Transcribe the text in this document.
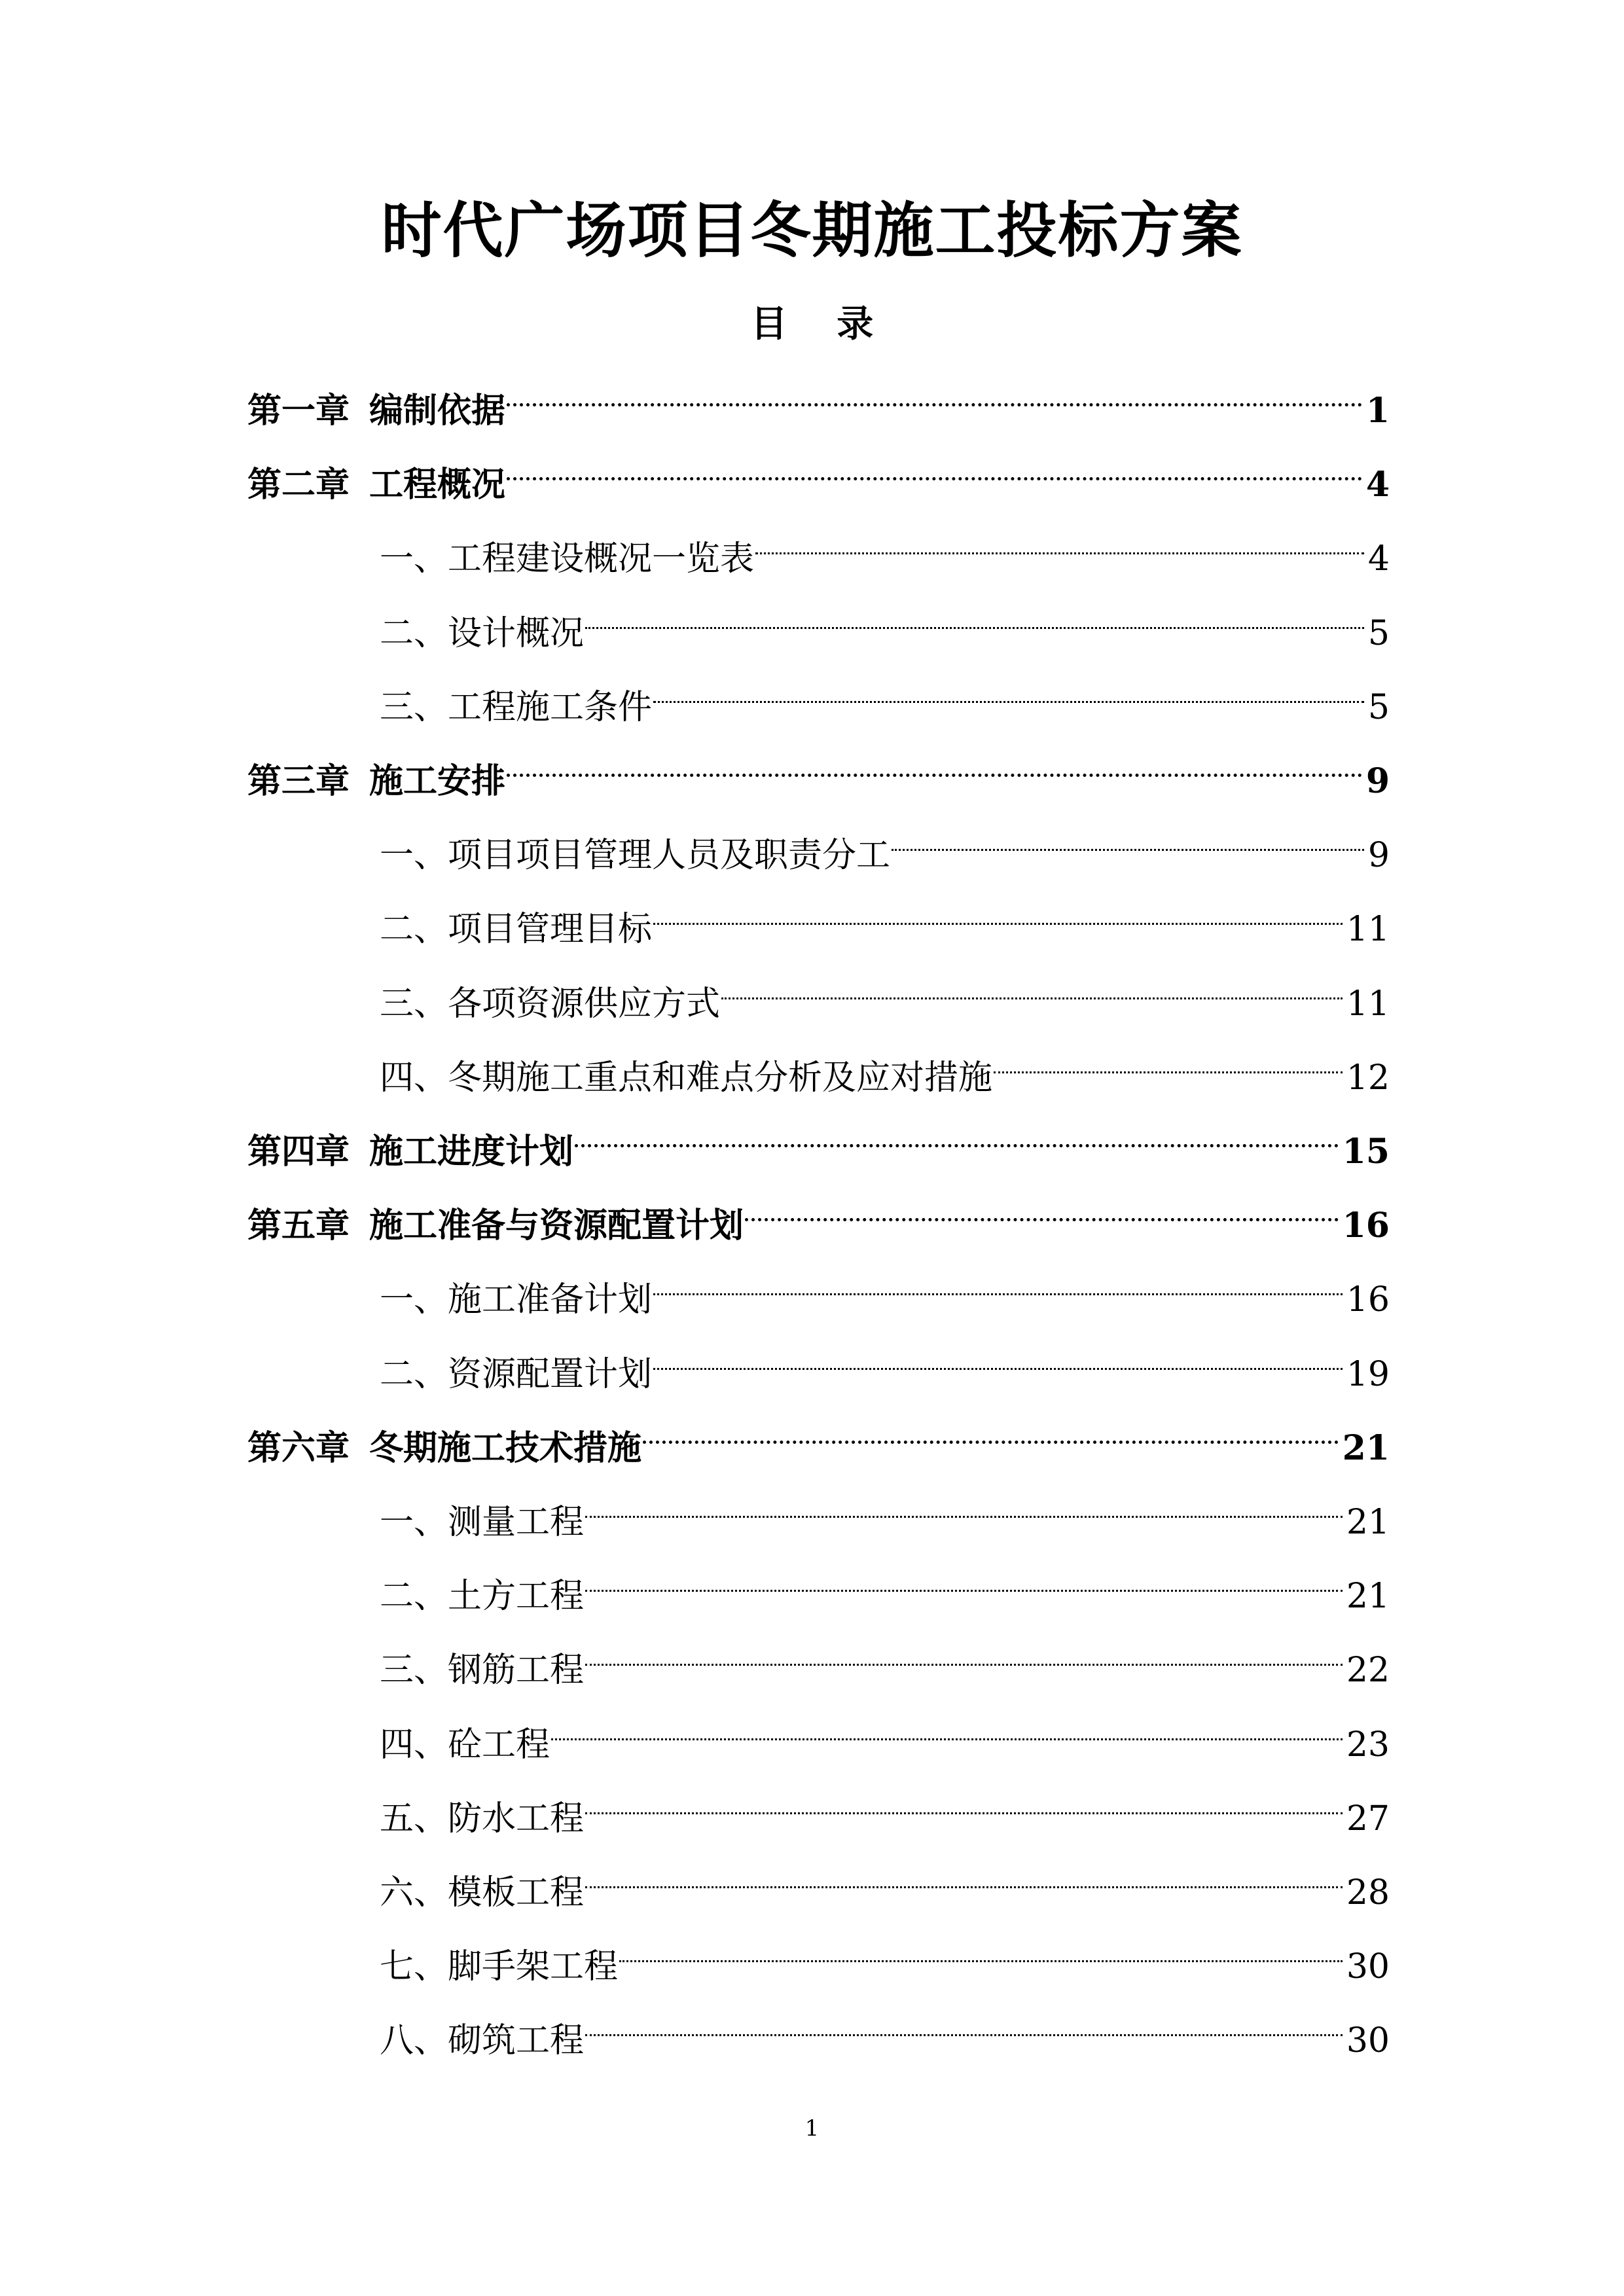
时代广场项目冬期施工投标方案
目 录
第一章 编制依据	1
第二章 工程概况	4
一、工程建设概况一览表	4
二、设计概况	5
三、工程施工条件	5
第三章 施工安排	9
一、项目项目管理人员及职责分工	9
二、项目管理目标	11
三、各项资源供应方式	11
四、冬期施工重点和难点分析及应对措施	12
第四章 施工进度计划	15
第五章 施工准备与资源配置计划	16
一、施工准备计划	16
二、资源配置计划	19
第六章 冬期施工技术措施	21
一、测量工程	21
二、土方工程	21
三、钢筋工程	22
四、砼工程	23
五、防水工程	27
六、模板工程	28
七、脚手架工程	30
八、砌筑工程	30
1
